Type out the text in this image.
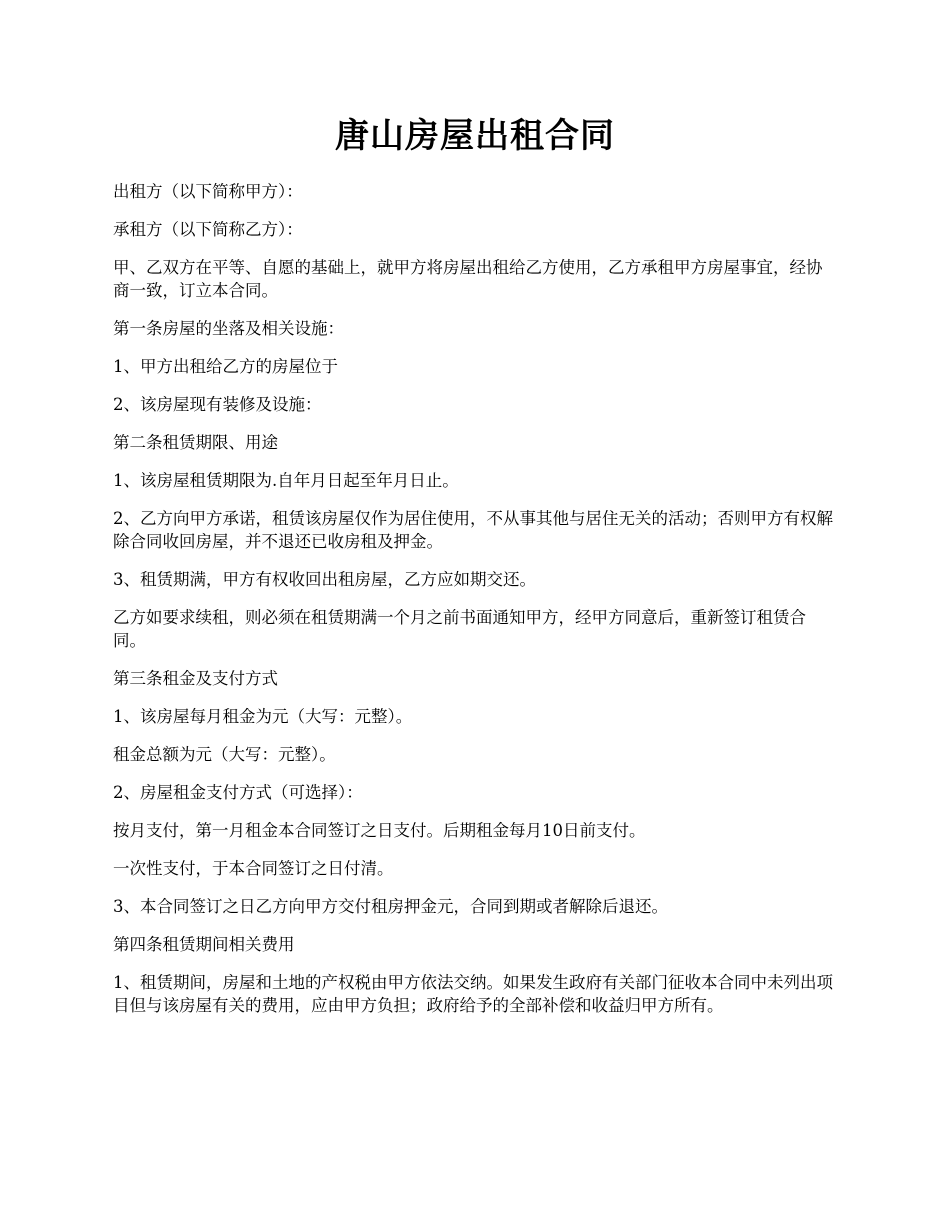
唐山房屋出租合同

出租方（以下简称甲方）：

承租方（以下简称乙方）：

甲、乙双方在平等、自愿的基础上，就甲方将房屋出租给乙方使用，乙方承租甲方房屋事宜，经协商一致，订立本合同。

第一条房屋的坐落及相关设施：

1、甲方出租给乙方的房屋位于

2、该房屋现有装修及设施：

第二条租赁期限、用途

1、该房屋租赁期限为.自年月日起至年月日止。

2、乙方向甲方承诺，租赁该房屋仅作为居住使用，不从事其他与居住无关的活动；否则甲方有权解除合同收回房屋，并不退还已收房租及押金。

3、租赁期满，甲方有权收回出租房屋，乙方应如期交还。

乙方如要求续租，则必须在租赁期满一个月之前书面通知甲方，经甲方同意后，重新签订租赁合同。

第三条租金及支付方式

1、该房屋每月租金为元（大写：元整）。

租金总额为元（大写：元整）。

2、房屋租金支付方式（可选择）：

按月支付，第一月租金本合同签订之日支付。后期租金每月10日前支付。

一次性支付，于本合同签订之日付清。

3、本合同签订之日乙方向甲方交付租房押金元，合同到期或者解除后退还。

第四条租赁期间相关费用

1、租赁期间，房屋和土地的产权税由甲方依法交纳。如果发生政府有关部门征收本合同中未列出项目但与该房屋有关的费用，应由甲方负担；政府给予的全部补偿和收益归甲方所有。
